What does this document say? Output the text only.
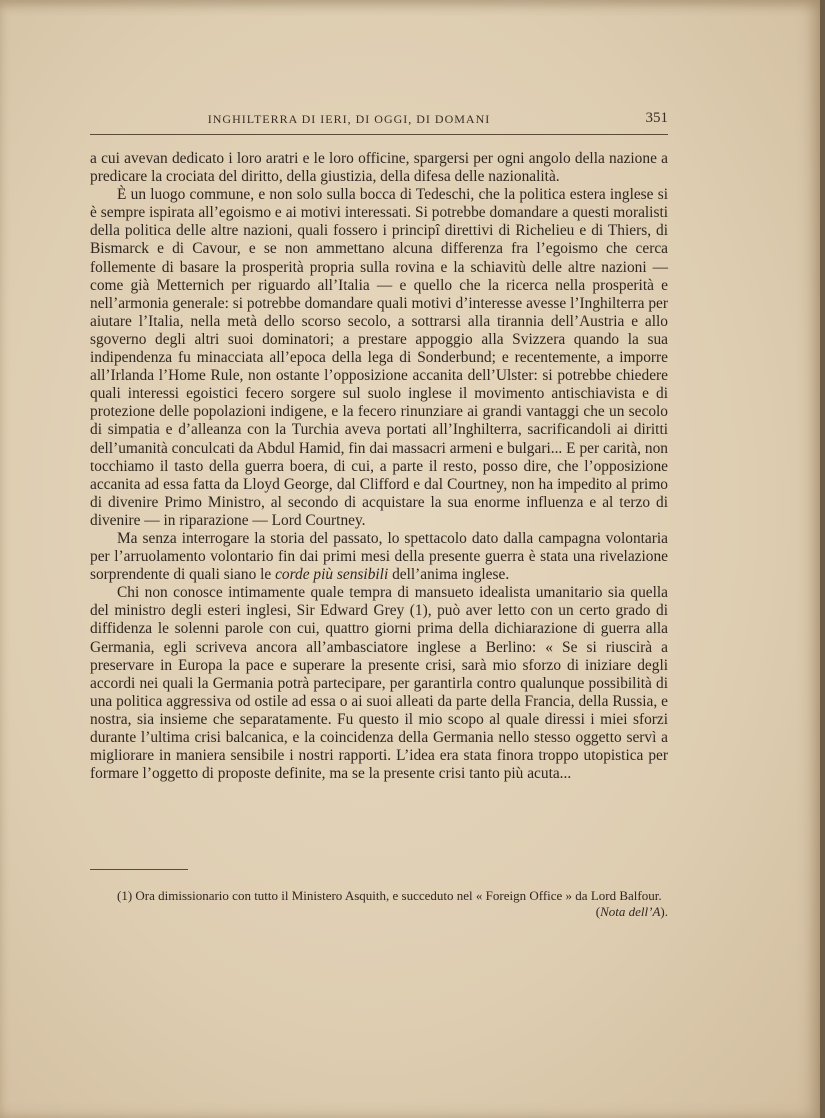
INGHILTERRA DI IERI, DI OGGI, DI DOMANI	351

a cui avevan dedicato i loro aratri e le loro officine, spargersi per ogni angolo della nazione a predicare la crociata del diritto, della giustizia, della difesa delle nazionalità.

È un luogo commune, e non solo sulla bocca di Tedeschi, che la politica estera inglese si è sempre ispirata all’egoismo e ai motivi interessati. Si potrebbe domandare a questi moralisti della politica delle altre nazioni, quali fossero i principî direttivi di Richelieu e di Thiers, di Bismarck e di Cavour, e se non ammettano alcuna differenza fra l’egoismo che cerca follemente di basare la prosperità propria sulla rovina e la schiavitù delle altre nazioni — come già Metternich per riguardo all’Italia — e quello che la ricerca nella prosperità e nell’armonia generale: si potrebbe domandare quali motivi d’interesse avesse l’Inghilterra per aiutare l’Italia, nella metà dello scorso secolo, a sottrarsi alla tirannia dell’Austria e allo sgoverno degli altri suoi dominatori; a prestare appoggio alla Svizzera quando la sua indipendenza fu minacciata all’epoca della lega di Sonderbund; e recentemente, a imporre all’Irlanda l’Home Rule, non ostante l’opposizione accanita dell’Ulster: si potrebbe chiedere quali interessi egoistici fecero sorgere sul suolo inglese il movimento antischiavista e di protezione delle popolazioni indigene, e la fecero rinunziare ai grandi vantaggi che un secolo di simpatia e d’alleanza con la Turchia aveva portati all’Inghilterra, sacrificandoli ai diritti dell’umanità conculcati da Abdul Hamid, fin dai massacri armeni e bulgari... E per carità, non tocchiamo il tasto della guerra boera, di cui, a parte il resto, posso dire, che l’opposizione accanita ad essa fatta da Lloyd George, dal Clifford e dal Courtney, non ha impedito al primo di divenire Primo Ministro, al secondo di acquistare la sua enorme influenza e al terzo di divenire — in riparazione — Lord Courtney.

Ma senza interrogare la storia del passato, lo spettacolo dato dalla campagna volontaria per l’arruolamento volontario fin dai primi mesi della presente guerra è stata una rivelazione sorprendente di quali siano le corde più sensibili dell’anima inglese.

Chi non conosce intimamente quale tempra di mansueto idealista umanitario sia quella del ministro degli esteri inglesi, Sir Edward Grey (1), può aver letto con un certo grado di diffidenza le solenni parole con cui, quattro giorni prima della dichiarazione di guerra alla Germania, egli scriveva ancora all’ambasciatore inglese a Berlino: « Se si riuscirà a preservare in Europa la pace e superare la presente crisi, sarà mio sforzo di iniziare degli accordi nei quali la Germania potrà partecipare, per garantirla contro qualunque possibilità di una politica aggressiva od ostile ad essa o ai suoi alleati da parte della Francia, della Russia, e nostra, sia insieme che separatamente. Fu questo il mio scopo al quale diressi i miei sforzi durante l’ultima crisi balcanica, e la coincidenza della Germania nello stesso oggetto servì a migliorare in maniera sensibile i nostri rapporti. L’idea era stata finora troppo utopistica per formare l’oggetto di proposte definite, ma se la presente crisi tanto più acuta...

(1) Ora dimissionario con tutto il Ministero Asquith, e succeduto nel « Foreign Office » da Lord Balfour.
(Nota dell’A).
